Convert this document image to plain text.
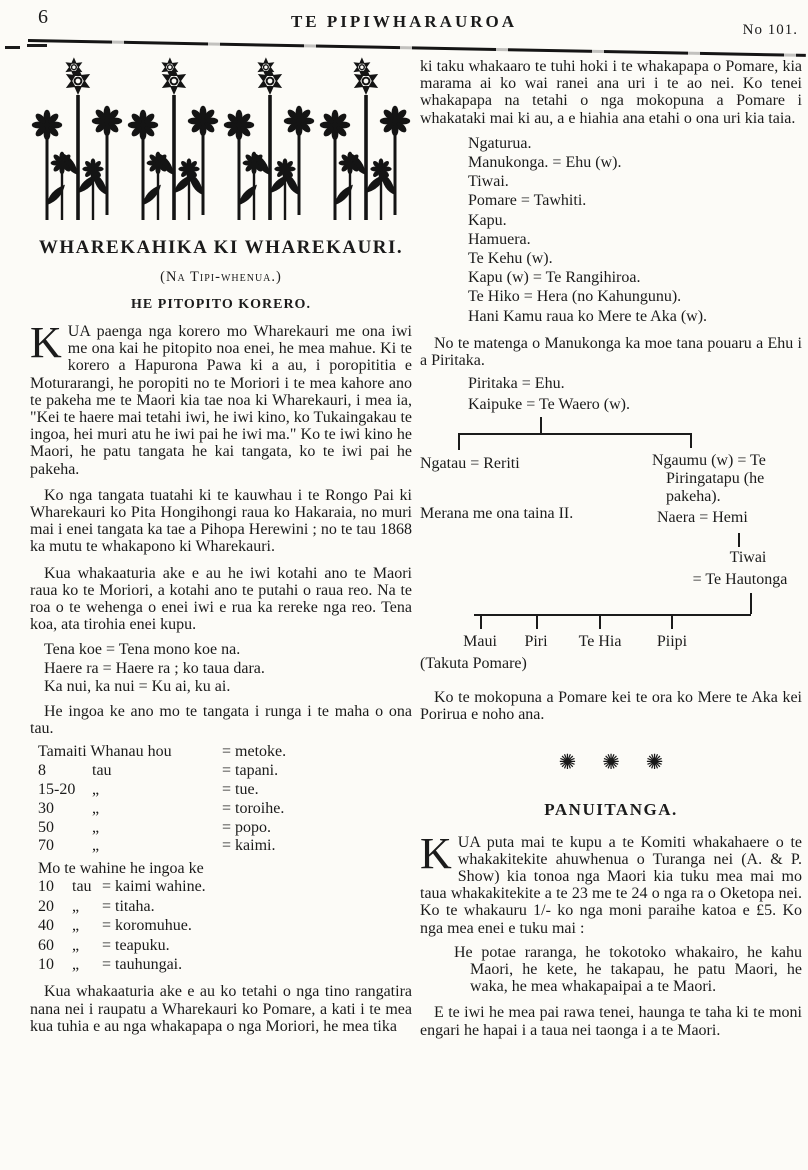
6	TE PIPIWHARAUROA	No 101.
WHAREKAHIKA KI WHAREKAURI.
(Na Tipi-whenua.)
HE PITOPITO KORERO.

KUA paenga nga korero mo Wharekauri me ona iwi me ona kai he pitopito noa enei, he mea mahue. Ki te korero a Hapurona Pawa ki a au, i poropititia e Moturarangi, he poropiti no te Moriori i te mea kahore ano te pakeha me te Maori kia tae noa ki Wharekauri, i mea ia, "Kei te haere mai tetahi iwi, he iwi kino, ko Tukaingakau te ingoa, hei muri atu he iwi pai he iwi ma." Ko te iwi kino he Maori, he patu tangata he kai tangata, ko te iwi pai he pakeha.

Ko nga tangata tuatahi ki te kauwhau i te Rongo Pai ki Wharekauri ko Pita Hongihongi raua ko Hakaraia, no muri mai i enei tangata ka tae a Pihopa Herewini ; no te tau 1868 ka mutu te whakapono ki Wharekauri.

Kua whakaaturia ake e au he iwi kotahi ano te Maori raua ko te Moriori, a kotahi ano te putahi o raua reo. Na te roa o te wehenga o enei iwi e rua ka rereke nga reo. Tena koa, ata tirohia enei kupu.

Tena koe = Tena mono koe na.

Haere ra = Haere ra ; ko taua dara.

Ka nui, ka nui = Ku ai, ku ai.

He ingoa ke ano mo te tangata i runga i te maha o ona tau.

Tamaiti Whanau hou	= metoke.
8	tau	= tapani.
15-20	„	= tue.
30	„	= toroihe.
50	„	= popo.
70	„	= kaimi.

Mo te wahine he ingoa ke

10	tau = kaimi wahine.
20	„	= titaha.
40	„	= koromuhue.
60	„	= teapuku.
10	„	= tauhungai.

Kua whakaaturia ake e au ko tetahi o nga tino rangatira nana nei i raupatu a Wharekauri ko Pomare, a kati i te mea kua tuhia e au nga whakapapa o nga Moriori, he mea tika

ki taku whakaaro te tuhi hoki i te whakapapa o Pomare, kia marama ai ko wai ranei ana uri i te ao nei. Ko tenei whakapapa na tetahi o nga mokopuna a Pomare i whakataki mai ki au, a e hiahia ana etahi o ona uri kia taia.

Ngaturua.
Manukonga. = Ehu (w).
Tiwai.
Pomare = Tawhiti.
Kapu.
Hamuera.
Te Kehu (w).
Kapu (w) = Te Rangihiroa.
Te Hiko = Hera (no Kahungunu).
Hani Kamu raua ko Mere te Aka (w).

No te matenga o Manukonga ka moe tana pouaru a Ehu i a Piritaka.

Piritaka = Ehu.
Kaipuke = Te Waero (w).
Ngatau = Reriti	Ngaumu (w) = Te Piringatapu (he pakeha).
Merana me ona taina II.	Naera = Hemi
Tiwai
= Te Hautonga
Maui	Piri	Te Hia	Piipi
(Takuta Pomare)

Ko te mokopuna a Pomare kei te ora ko Mere te Aka kei Porirua e noho ana.

✺ ✺ ✺
PANUITANGA.

KUA puta mai te kupu a te Komiti whakahaere o te whakakitekite ahuwhenua o Turanga nei (A. & P. Show) kia tonoa nga Maori kia tuku mea mai mo taua whakakitekite a te 23 me te 24 o nga ra o Oketopa nei. Ko te whakauru 1/- ko nga moni paraihe katoa e £5. Ko nga mea enei e tuku mai :

He potae raranga, he tokotoko whakairo, he kahu Maori, he kete, he takapau, he patu Maori, he waka, he mea whakapaipai a te Maori.

E te iwi he mea pai rawa tenei, haunga te taha ki te moni engari he hapai i a taua nei taonga i a te Maori.
